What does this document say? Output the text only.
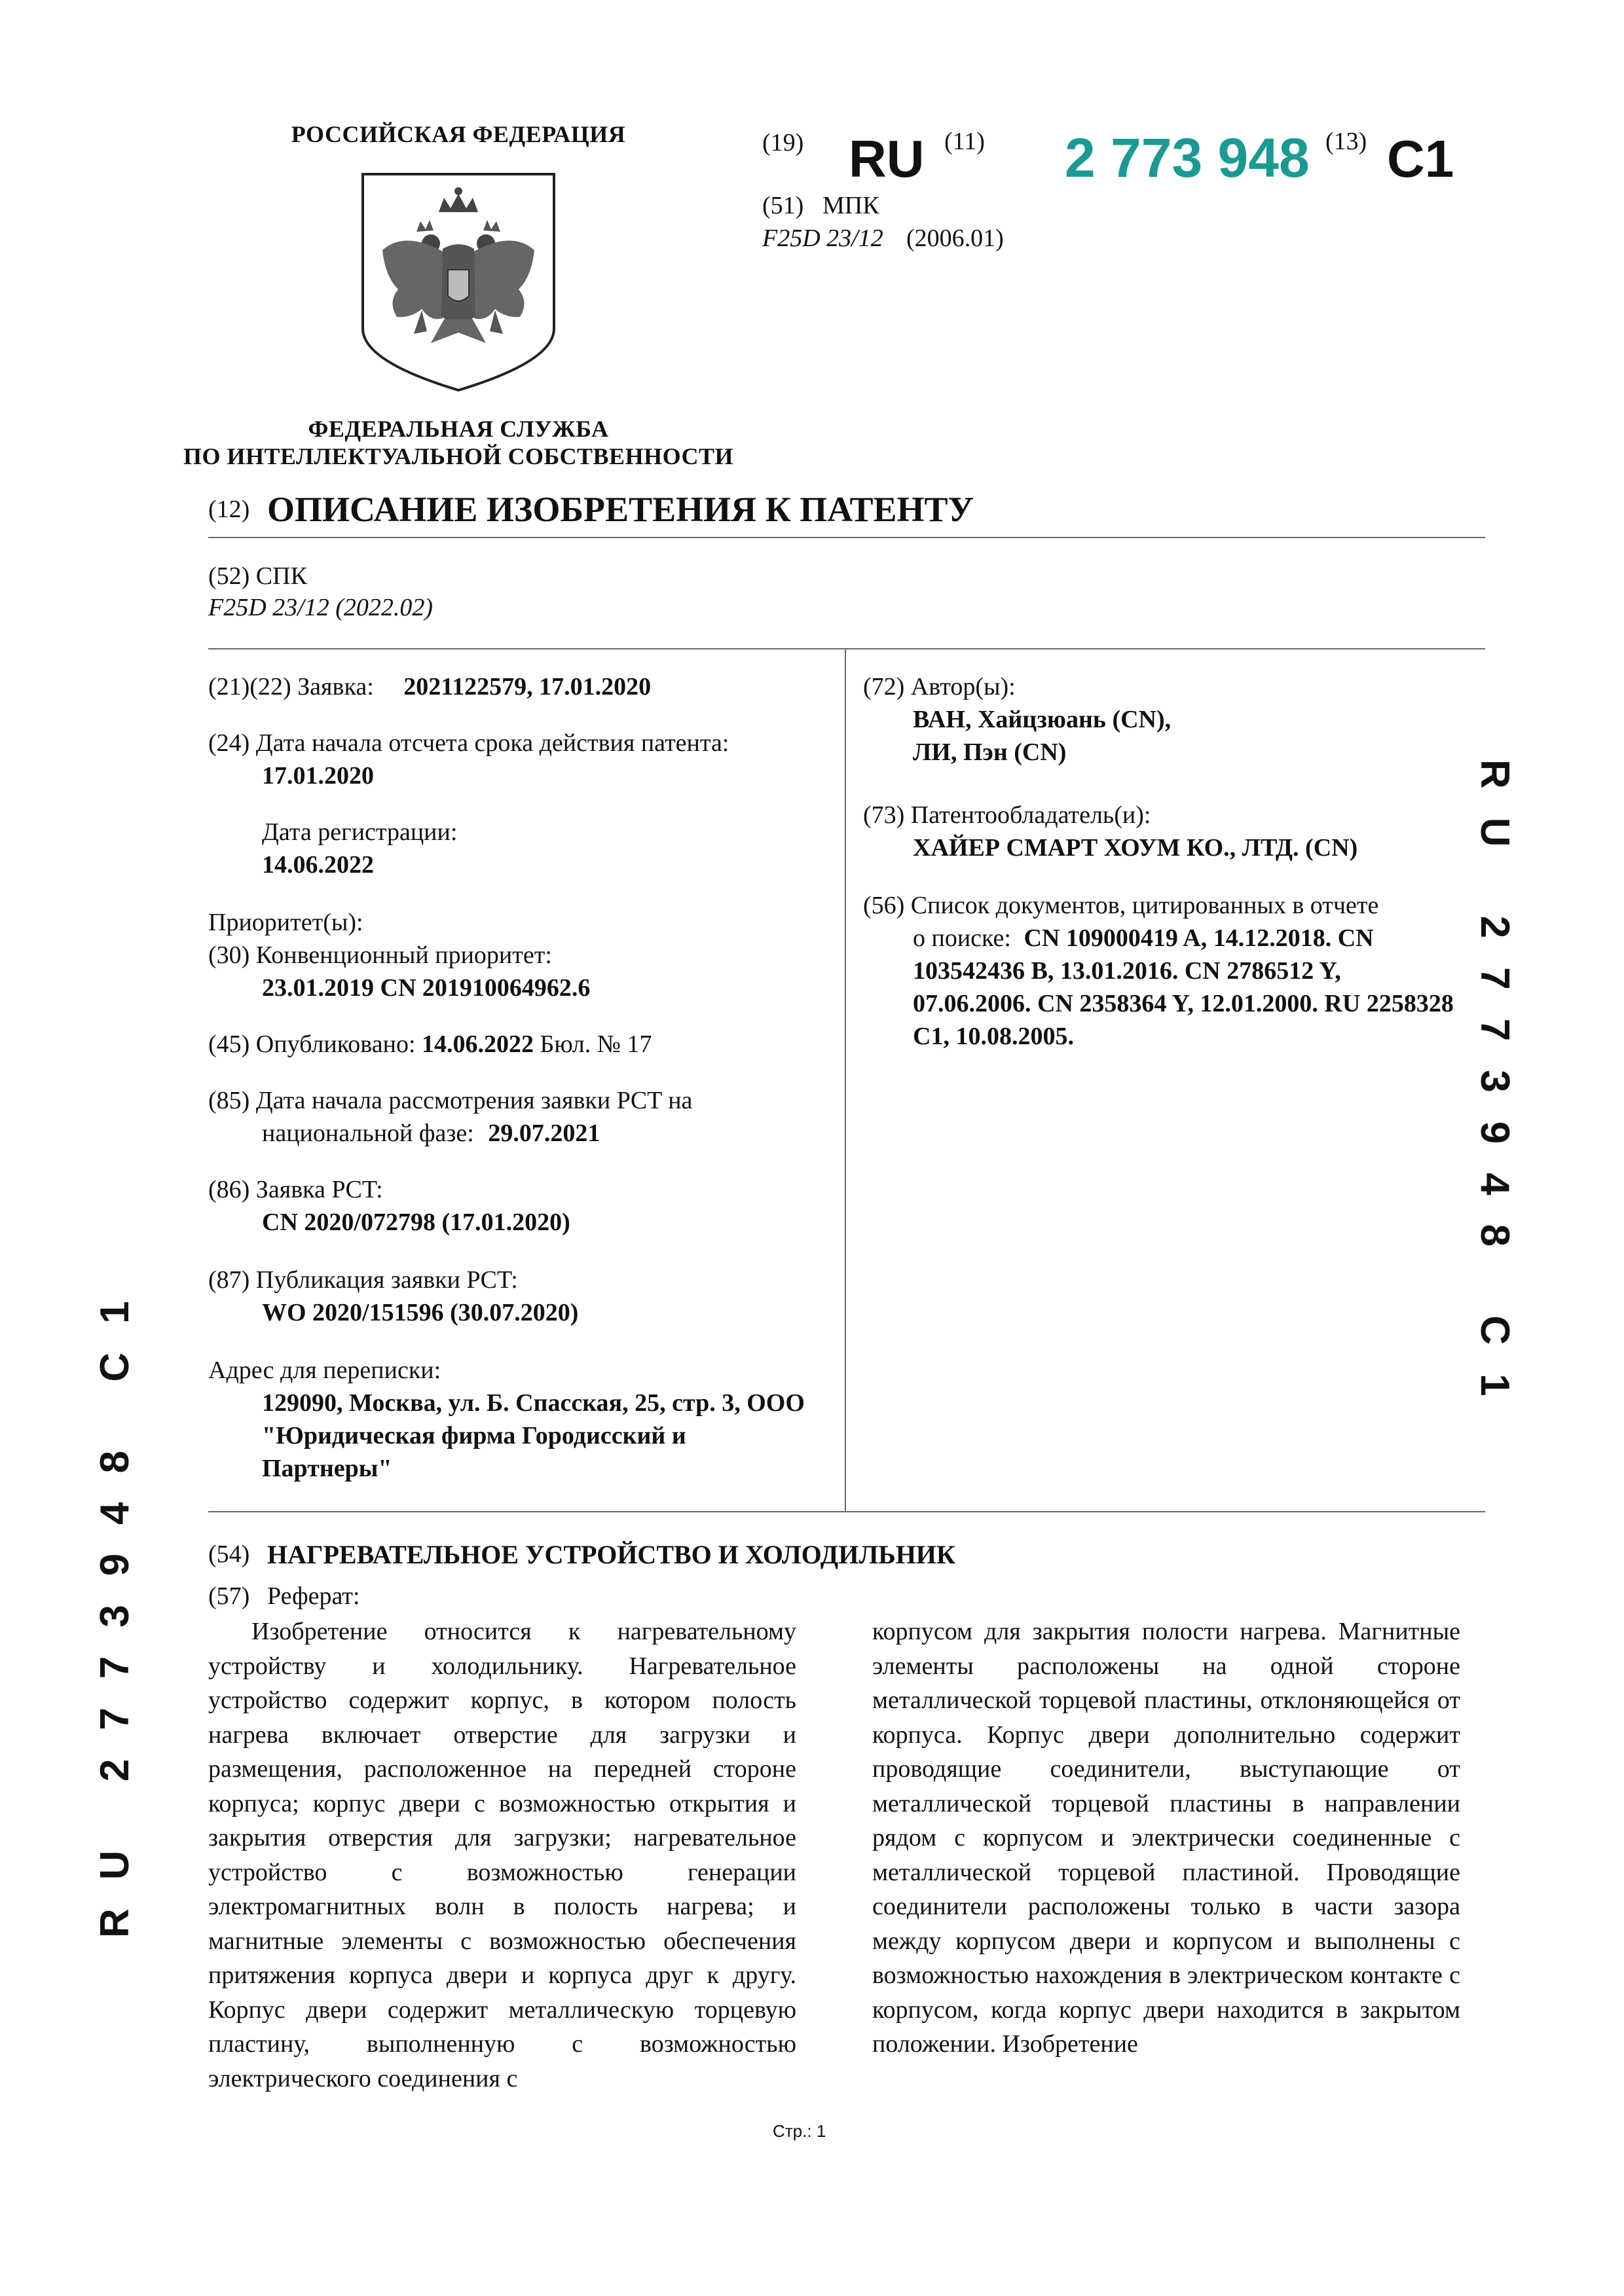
РОССИЙСКАЯ ФЕДЕРАЦИЯ
ФЕДЕРАЛЬНАЯ СЛУЖБА
ПО ИНТЕЛЛЕКТУАЛЬНОЙ СОБСТВЕННОСТИ
(19) RU (11) 2 773 948 (13) C1
(51) МПК
F25D 23/12 (2006.01)
(12) ОПИСАНИЕ ИЗОБРЕТЕНИЯ К ПАТЕНТУ
(52) СПК
F25D 23/12 (2022.02)
(21)(22) Заявка: 2021122579, 17.01.2020
(24) Дата начала отсчета срока действия патента:
17.01.2020
Дата регистрации:
14.06.2022
Приоритет(ы):
(30) Конвенционный приоритет:
23.01.2019 CN 201910064962.6
(45) Опубликовано: 14.06.2022 Бюл. № 17
(85) Дата начала рассмотрения заявки PCT на
национальной фазе: 29.07.2021
(86) Заявка PCT:
CN 2020/072798 (17.01.2020)
(87) Публикация заявки PCT:
WO 2020/151596 (30.07.2020)
Адрес для переписки:
129090, Москва, ул. Б. Спасская, 25, стр. 3, ООО
"Юридическая фирма Городисский и
Партнеры"
(72) Автор(ы):
ВАН, Хайцзюань (CN),
ЛИ, Пэн (CN)
(73) Патентообладатель(и):
ХАЙЕР СМАРТ ХОУМ КО., ЛТД. (CN)
(56) Список документов, цитированных в отчете
о поиске: CN 109000419 A, 14.12.2018. CN
103542436 B, 13.01.2016. CN 2786512 Y,
07.06.2006. CN 2358364 Y, 12.01.2000. RU 2258328
C1, 10.08.2005.
(54) НАГРЕВАТЕЛЬНОЕ УСТРОЙСТВО И ХОЛОДИЛЬНИК
(57) Реферат:

Изобретение относится к нагревательному устройству и холодильнику. Нагревательное устройство содержит корпус, в котором полость нагрева включает отверстие для загрузки и размещения, расположенное на передней стороне корпуса; корпус двери с возможностью открытия и закрытия отверстия для загрузки; нагревательное устройство с возможностью генерации электромагнитных волн в полость нагрева; и магнитные элементы с возможностью обеспечения притяжения корпуса двери и корпуса друг к другу. Корпус двери содержит металлическую торцевую пластину, выполненную с возможностью электрического соединения с

корпусом для закрытия полости нагрева. Магнитные элементы расположены на одной стороне металлической торцевой пластины, отклоняющейся от корпуса. Корпус двери дополнительно содержит проводящие соединители, выступающие от металлической торцевой пластины в направлении рядом с корпусом и электрически соединенные с металлической торцевой пластиной. Проводящие соединители расположены только в части зазора между корпусом двери и корпусом и выполнены с возможностью нахождения в электрическом контакте с корпусом, когда корпус двери находится в закрытом положении. Изобретение

Стр.: 1
RU 2773948 C1
RU 2773948 C1
